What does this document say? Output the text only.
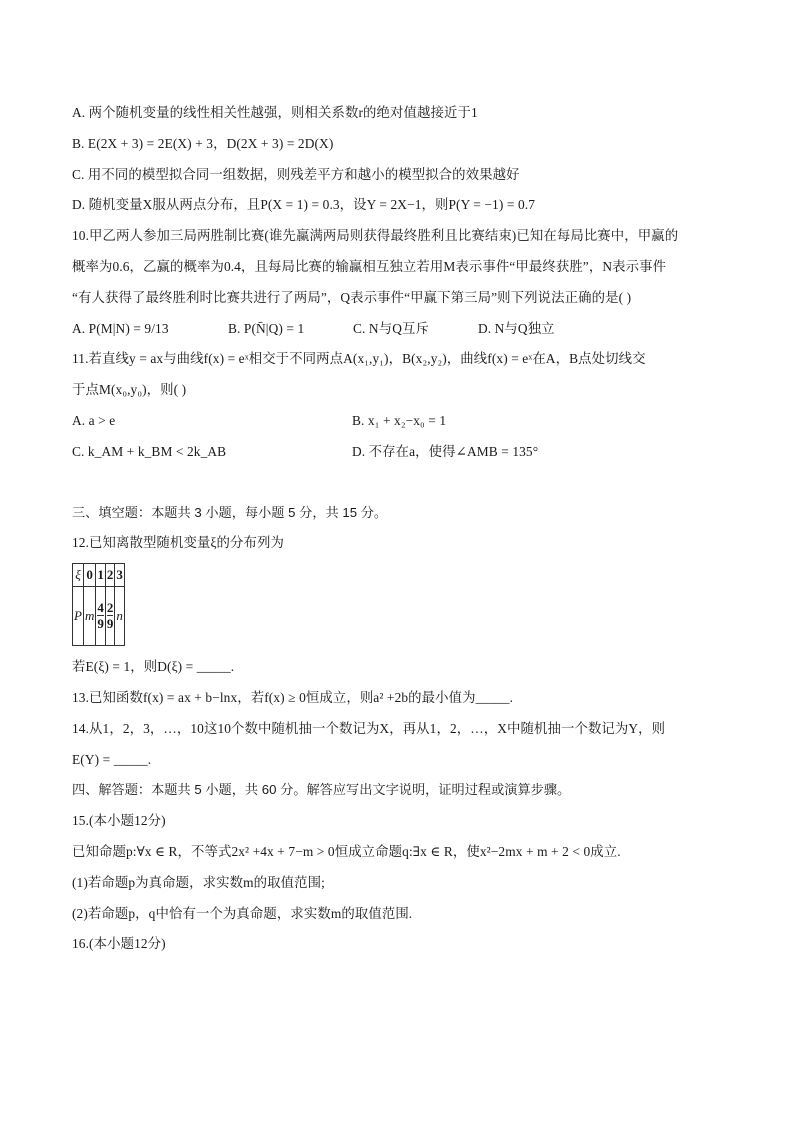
A. 两个随机变量的线性相关性越强，则相关系数r的绝对值越接近于1
B. E(2X + 3) = 2E(X) + 3，D(2X + 3) = 2D(X)
C. 用不同的模型拟合同一组数据，则残差平方和越小的模型拟合的效果越好
D. 随机变量X服从两点分布，且P(X = 1) = 0.3，设Y = 2X−1，则P(Y = −1) = 0.7
10.甲乙两人参加三局两胜制比赛(谁先赢满两局则获得最终胜利且比赛结束)已知在每局比赛中，甲赢的
概率为0.6，乙赢的概率为0.4，且每局比赛的输赢相互独立若用M表示事件“甲最终获胜”，N表示事件
“有人获得了最终胜利时比赛共进行了两局”，Q表示事件“甲赢下第三局”则下列说法正确的是( )
A. P(M|N) = 9/13	B. P(N̄|Q) = 1	C. N与Q互斥	D. N与Q独立
11.若直线y = ax与曲线f(x) = eˣ相交于不同两点A(x₁,y₁)，B(x₂,y₂)，曲线f(x) = eˣ在A，B点处切线交
于点M(x₀,y₀)，则( )
A. a > e	B. x₁ + x₂−x₀ = 1
C. k_AM + k_BM < 2k_AB	D. 不存在a，使得∠AMB = 135°
三、填空题：本题共 3 小题，每小题 5 分，共 15 分。
12.已知离散型随机变量ξ的分布列为
ξ	0	1	2	3
P	m	$\frac{4}{9}$	$\frac{2}{9}$	n
若E(ξ) = 1，则D(ξ) = _____.
13.已知函数f(x) = ax + b−lnx，若f(x) ≥ 0恒成立，则a² +2b的最小值为_____.
14.从1，2，3，…，10这10个数中随机抽一个数记为X，再从1，2，…，X中随机抽一个数记为Y，则
E(Y) = _____.
四、解答题：本题共 5 小题，共 60 分。解答应写出文字说明，证明过程或演算步骤。
15.(本小题12分)
已知命题p:∀x ∈ R，不等式2x² +4x + 7−m > 0恒成立命题q:∃x ∈ R，使x²−2mx + m + 2 < 0成立.
(1)若命题p为真命题，求实数m的取值范围;
(2)若命题p，q中恰有一个为真命题，求实数m的取值范围.
16.(本小题12分)
